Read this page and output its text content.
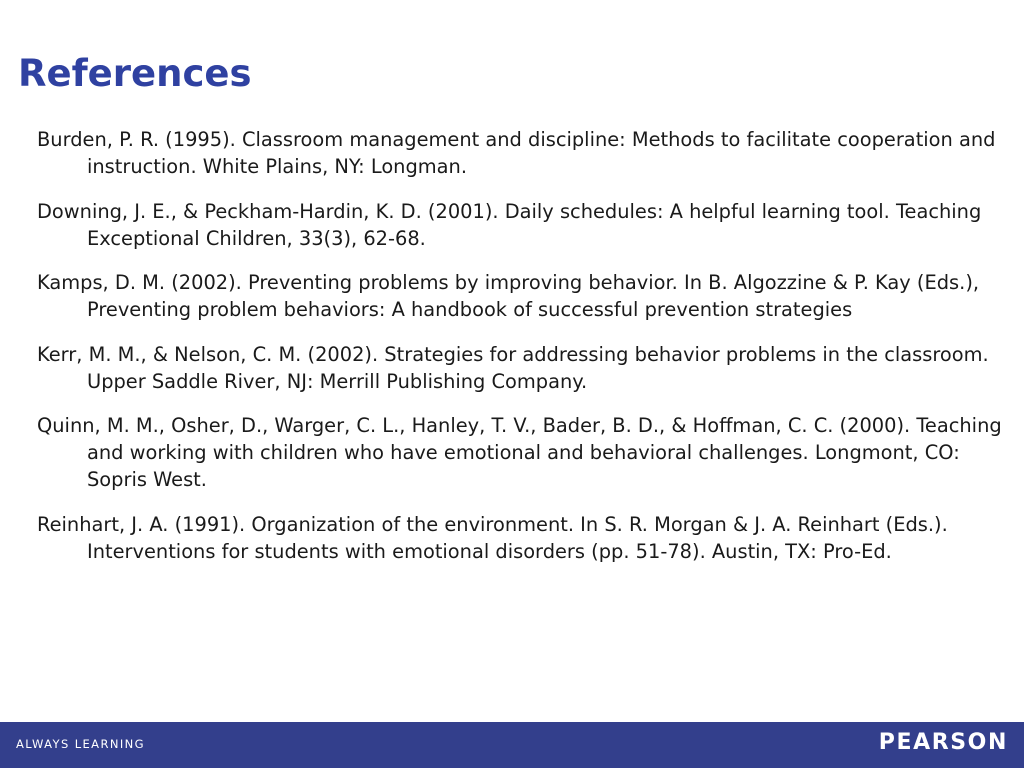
References

Burden, P. R. (1995). Classroom management and discipline: Methods to facilitate cooperation and instruction. White Plains, NY: Longman.

Downing, J. E., & Peckham-Hardin, K. D. (2001). Daily schedules: A helpful learning tool. Teaching Exceptional Children, 33(3), 62-68.

Kamps, D. M. (2002). Preventing problems by improving behavior. In B. Algozzine & P. Kay (Eds.), Preventing problem behaviors: A handbook of successful prevention strategies

Kerr, M. M., & Nelson, C. M. (2002). Strategies for addressing behavior problems in the classroom. Upper Saddle River, NJ: Merrill Publishing Company.

Quinn, M. M., Osher, D., Warger, C. L., Hanley, T. V., Bader, B. D., & Hoffman, C. C. (2000). Teaching and working with children who have emotional and behavioral challenges. Longmont, CO: Sopris West.

Reinhart, J. A. (1991). Organization of the environment. In S. R. Morgan & J. A. Reinhart (Eds.). Interventions for students with emotional disorders (pp. 51-78). Austin, TX: Pro-Ed.

ALWAYS LEARNING	PEARSON
